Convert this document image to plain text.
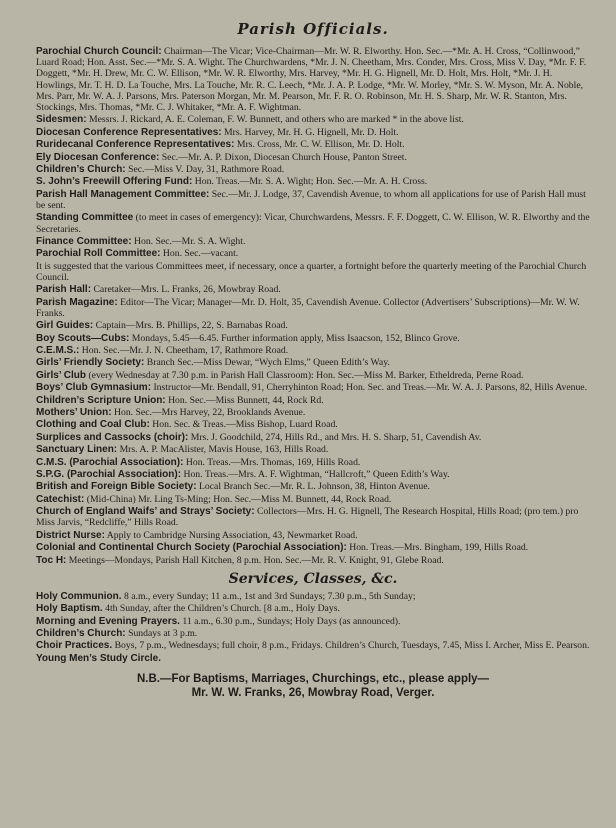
Parish Officials.
Parochial Church Council: Chairman—The Vicar; Vice-Chairman—Mr. W. R. Elworthy. Hon. Sec.—*Mr. A. H. Cross, “Collinwood,” Luard Road; Hon. Asst. Sec.—*Mr. S. A. Wight. The Churchwardens, *Mr. J. N. Cheetham, Mrs. Conder, Mrs. Cross, Miss V. Day, *Mr. F. F. Doggett, *Mr. H. Drew, Mr. C. W. Ellison, *Mr. W. R. Elworthy, Mrs. Harvey, *Mr. H. G. Hignell, Mr. D. Holt, Mrs. Holt, *Mr. J. H. Howlings, Mr. T. H. D. La Touche, Mrs. La Touche, Mr. R. C. Leech, *Mr. J. A. P. Lodge, *Mr. W. Morley, *Mr. S. W. Myson, Mr. A. Noble, Mrs. Parr, Mr. W. A. J. Parsons, Mrs. Paterson Morgan, Mr. M. Pearson, Mr. F. R. O. Robinson, Mr. H. S. Sharp, Mr. W. R. Stanton, Mrs. Stockings, Mrs. Thomas, *Mr. C. J. Whitaker, *Mr. A. F. Wightman.
Sidesmen: Messrs. J. Rickard, A. E. Coleman, F. W. Bunnett, and others who are marked * in the above list.
Diocesan Conference Representatives: Mrs. Harvey, Mr. H. G. Hignell, Mr. D. Holt.
Ruridecanal Conference Representatives: Mrs. Cross, Mr. C. W. Ellison, Mr. D. Holt.
Ely Diocesan Conference: Sec.—Mr. A. P. Dixon, Diocesan Church House, Panton Street.
Children’s Church: Sec.—Miss V. Day, 31, Rathmore Road.
S. John’s Freewill Offering Fund: Hon. Treas.—Mr. S. A. Wight; Hon. Sec.—Mr. A. H. Cross.
Parish Hall Management Committee: Sec.—Mr. J. Lodge, 37, Cavendish Avenue, to whom all applications for use of Parish Hall must be sent.
Standing Committee (to meet in cases of emergency): Vicar, Churchwardens, Messrs. F. F. Doggett, C. W. Ellison, W. R. Elworthy and the Secretaries.
Finance Committee: Hon. Sec.—Mr. S. A. Wight.
Parochial Roll Committee: Hon. Sec.—vacant.
It is suggested that the various Committees meet, if necessary, once a quarter, a fortnight before the quarterly meeting of the Parochial Church Council.
Parish Hall: Caretaker—Mrs. L. Franks, 26, Mowbray Road.
Parish Magazine: Editor—The Vicar; Manager—Mr. D. Holt, 35, Cavendish Avenue. Collector (Advertisers’ Subscriptions)—Mr. W. W. Franks.
Girl Guides: Captain—Mrs. B. Phillips, 22, S. Barnabas Road.
Boy Scouts—Cubs: Mondays, 5.45—6.45. Further information apply, Miss Isaacson, 152, Blinco Grove.
C.E.M.S.: Hon. Sec.—Mr. J. N. Cheetham, 17, Rathmore Road.
Girls’ Friendly Society: Branch Sec.—Miss Dewar, “Wych Elms,” Queen Edith’s Way.
Girls’ Club (every Wednesday at 7.30 p.m. in Parish Hall Classroom): Hon. Sec.—Miss M. Barker, Etheldreda, Perne Road.
Boys’ Club Gymnasium: Instructor—Mr. Bendall, 91, Cherryhinton Road; Hon. Sec. and Treas.—Mr. W. A. J. Parsons, 82, Hills Avenue.
Children’s Scripture Union: Hon. Sec.—Miss Bunnett, 44, Rock Rd.
Mothers’ Union: Hon. Sec.—Mrs Harvey, 22, Brooklands Avenue.
Clothing and Coal Club: Hon. Sec. & Treas.—Miss Bishop, Luard Road.
Surplices and Cassocks (choir): Mrs. J. Goodchild, 274, Hills Rd., and Mrs. H. S. Sharp, 51, Cavendish Av.
Sanctuary Linen: Mrs. A. P. MacAlister, Mavis House, 163, Hills Road.
C.M.S. (Parochial Association): Hon. Treas.—Mrs. Thomas, 169, Hills Road.
S.P.G. (Parochial Association): Hon. Treas.—Mrs. A. F. Wightman, “Hallcroft,” Queen Edith’s Way.
British and Foreign Bible Society: Local Branch Sec.—Mr. R. L. Johnson, 38, Hinton Avenue.
Catechist: (Mid-China) Mr. Ling Ts-Ming; Hon. Sec.—Miss M. Bunnett, 44, Rock Road.
Church of England Waifs’ and Strays’ Society: Collectors—Mrs. H. G. Hignell, The Research Hospital, Hills Road; (pro tem.) pro Miss Jarvis, “Redcliffe,” Hills Road.
District Nurse: Apply to Cambridge Nursing Association, 43, Newmarket Road.
Colonial and Continental Church Society (Parochial Association): Hon. Treas.—Mrs. Bingham, 199, Hills Road.
Toc H: Meetings—Mondays, Parish Hall Kitchen, 8 p.m. Hon. Sec.—Mr. R. V. Knight, 91, Glebe Road.
Services, Classes, &c.
Holy Communion. 8 a.m., every Sunday; 11 a.m., 1st and 3rd Sundays; 7.30 p.m., 5th Sunday;
Holy Baptism. 4th Sunday, after the Children’s Church. [8 a.m., Holy Days.
Morning and Evening Prayers. 11 a.m., 6.30 p.m., Sundays; Holy Days (as announced).
Children’s Church: Sundays at 3 p.m.
Choir Practices. Boys, 7 p.m., Wednesdays; full choir, 8 p.m., Fridays. Children’s Church, Tuesdays, 7.45, Miss I. Archer, Miss E. Pearson.
Young Men’s Study Circle.
N.B.—For Baptisms, Marriages, Churchings, etc., please apply—
Mr. W. W. Franks, 26, Mowbray Road, Verger.
